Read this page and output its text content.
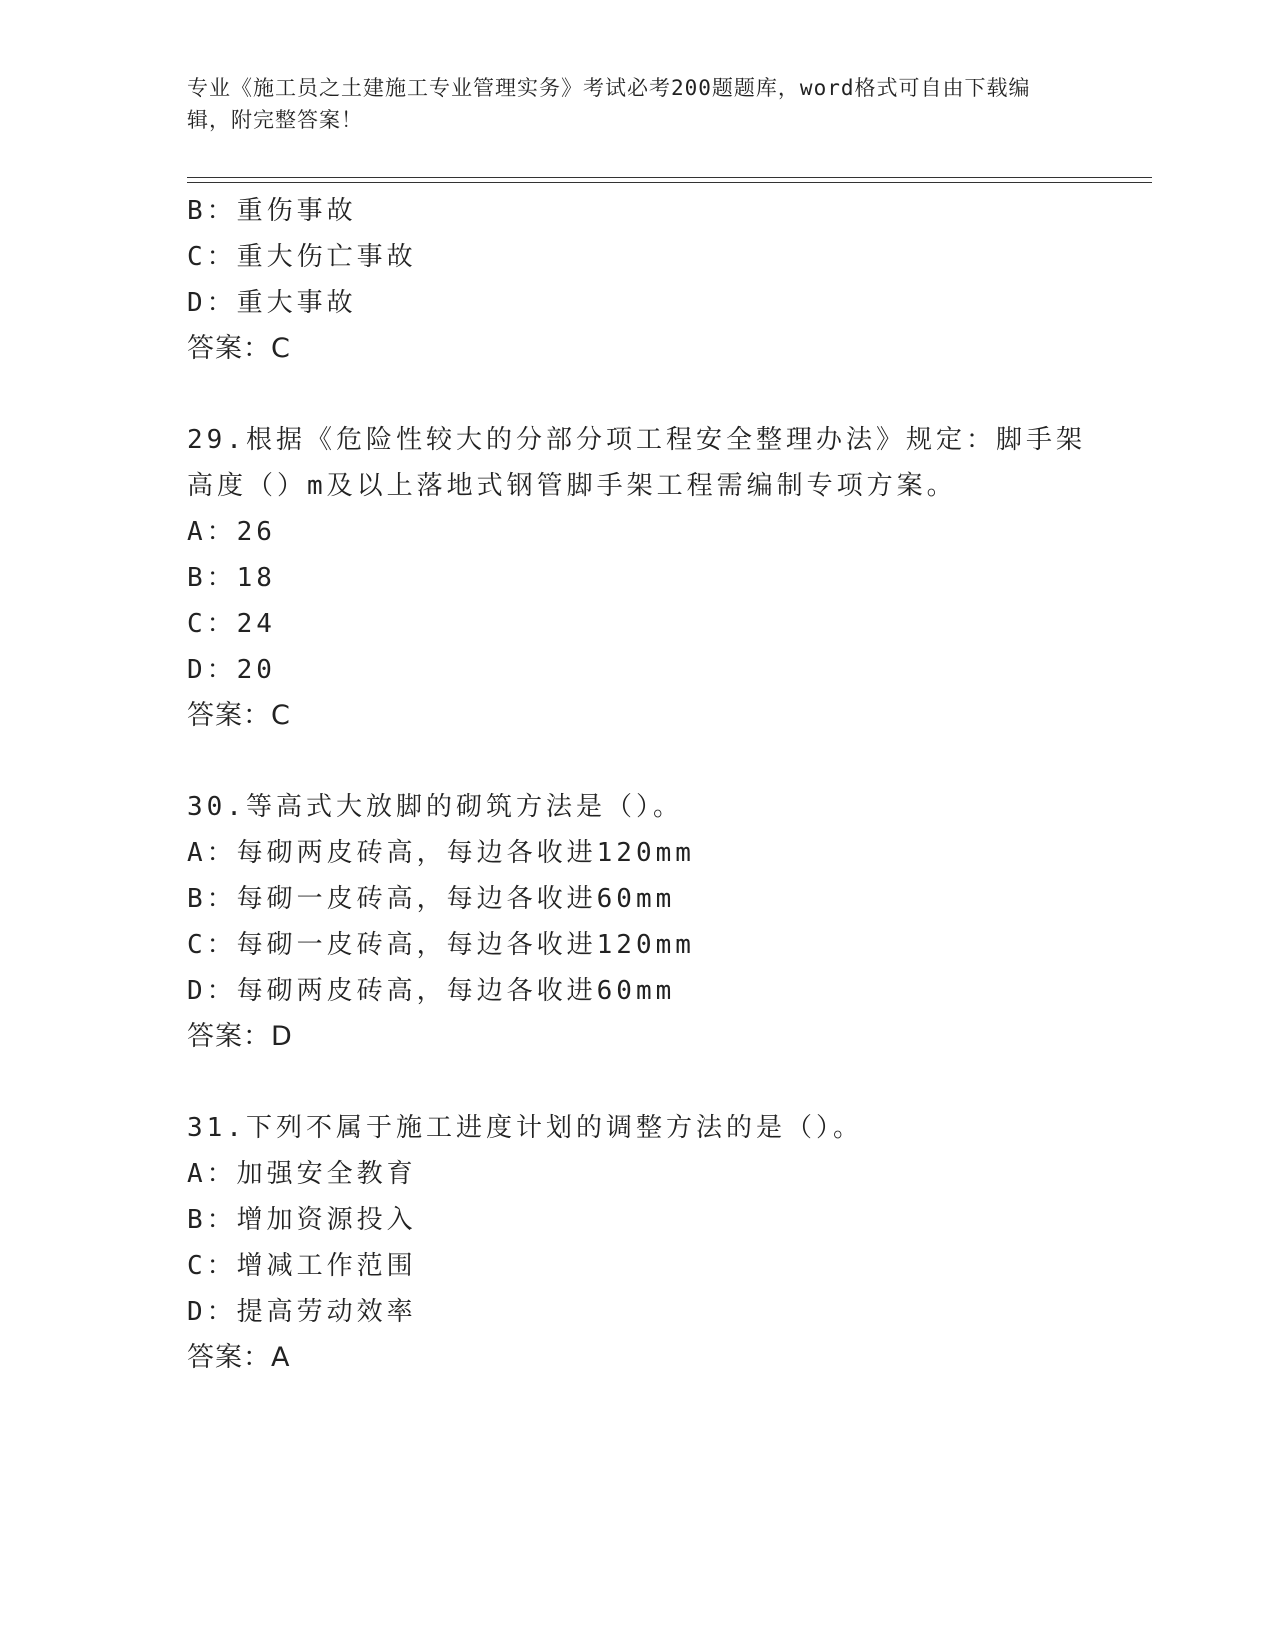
专业《施工员之土建施工专业管理实务》考试必考200题题库，word格式可自由下载编辑，附完整答案！
B：重伤事故
C：重大伤亡事故
D：重大事故
答案：C
29.根据《危险性较大的分部分项工程安全整理办法》规定：脚手架高度（）m及以上落地式钢管脚手架工程需编制专项方案。
A：26
B：18
C：24
D：20
答案：C
30.等高式大放脚的砌筑方法是（）。
A：每砌两皮砖高，每边各收进120mm
B：每砌一皮砖高，每边各收进60mm
C：每砌一皮砖高，每边各收进120mm
D：每砌两皮砖高，每边各收进60mm
答案：D
31.下列不属于施工进度计划的调整方法的是（）。
A：加强安全教育
B：增加资源投入
C：增减工作范围
D：提高劳动效率
答案：A
